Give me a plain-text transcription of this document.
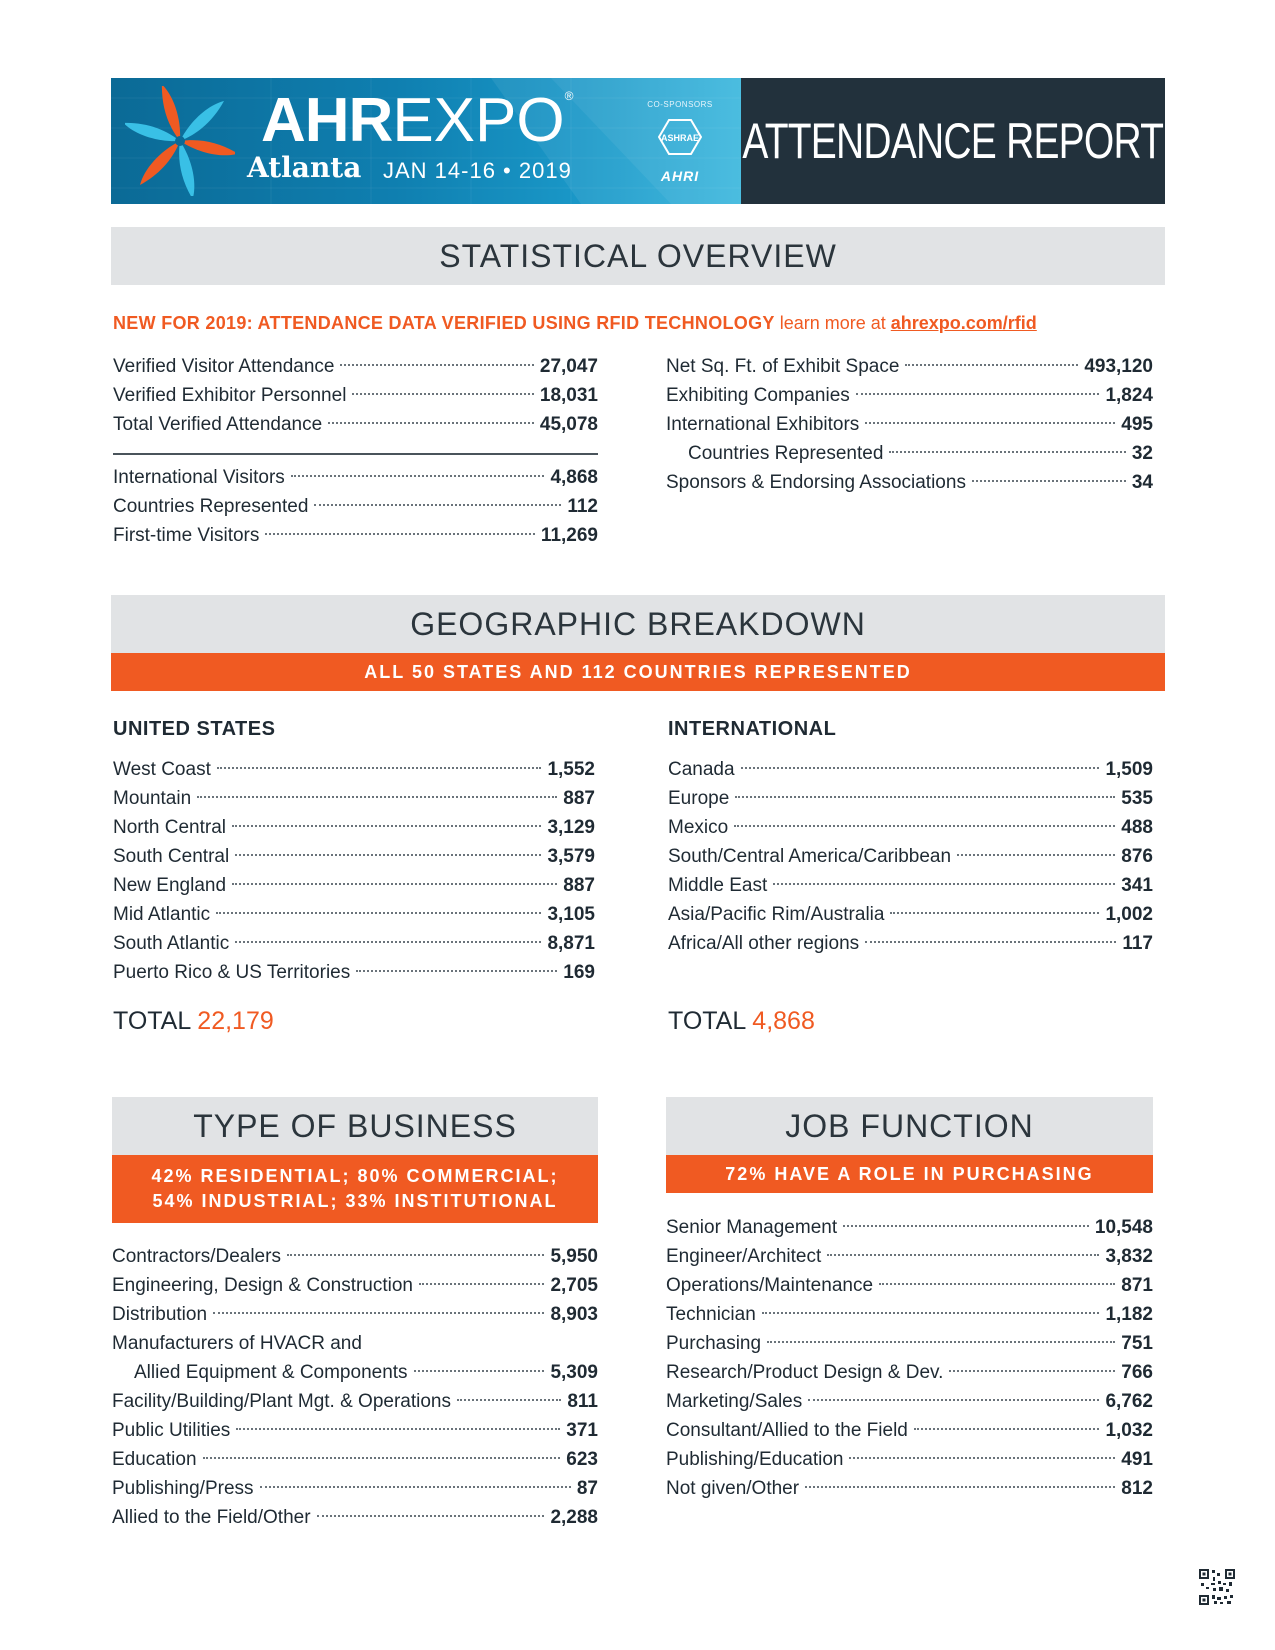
AHREXPO®
Atlanta JAN 14-16 • 2019
CO-SPONSORS
ASHRAE
AHRI
ATTENDANCE REPORT
STATISTICAL OVERVIEW
NEW FOR 2019: ATTENDANCE DATA VERIFIED USING RFID TECHNOLOGY learn more at ahrexpo.com/rfid
Verified Visitor Attendance	27,047
Verified Exhibitor Personnel	18,031
Total Verified Attendance	45,078
International Visitors	4,868
Countries Represented	112
First-time Visitors	11,269
Net Sq. Ft. of Exhibit Space	493,120
Exhibiting Companies	1,824
International Exhibitors	495
Countries Represented	32
Sponsors & Endorsing Associations	34
GEOGRAPHIC BREAKDOWN
ALL 50 STATES AND 112 COUNTRIES REPRESENTED
UNITED STATES	INTERNATIONAL
West Coast	1,552
Mountain	887
North Central	3,129
South Central	3,579
New England	887
Mid Atlantic	3,105
South Atlantic	8,871
Puerto Rico & US Territories	169
Canada	1,509
Europe	535
Mexico	488
South/Central America/Caribbean	876
Middle East	341
Asia/Pacific Rim/Australia	1,002
Africa/All other regions	117
TOTAL 22,179	TOTAL 4,868
TYPE OF BUSINESS
42% RESIDENTIAL; 80% COMMERCIAL;
54% INDUSTRIAL; 33% INSTITUTIONAL
Contractors/Dealers	5,950
Engineering, Design & Construction	2,705
Distribution	8,903
Manufacturers of HVACR and
Allied Equipment & Components	5,309
Facility/Building/Plant Mgt. & Operations	811
Public Utilities	371
Education	623
Publishing/Press	87
Allied to the Field/Other	2,288
JOB FUNCTION
72% HAVE A ROLE IN PURCHASING
Senior Management	10,548
Engineer/Architect	3,832
Operations/Maintenance	871
Technician	1,182
Purchasing	751
Research/Product Design & Dev.	766
Marketing/Sales	6,762
Consultant/Allied to the Field	1,032
Publishing/Education	491
Not given/Other	812
